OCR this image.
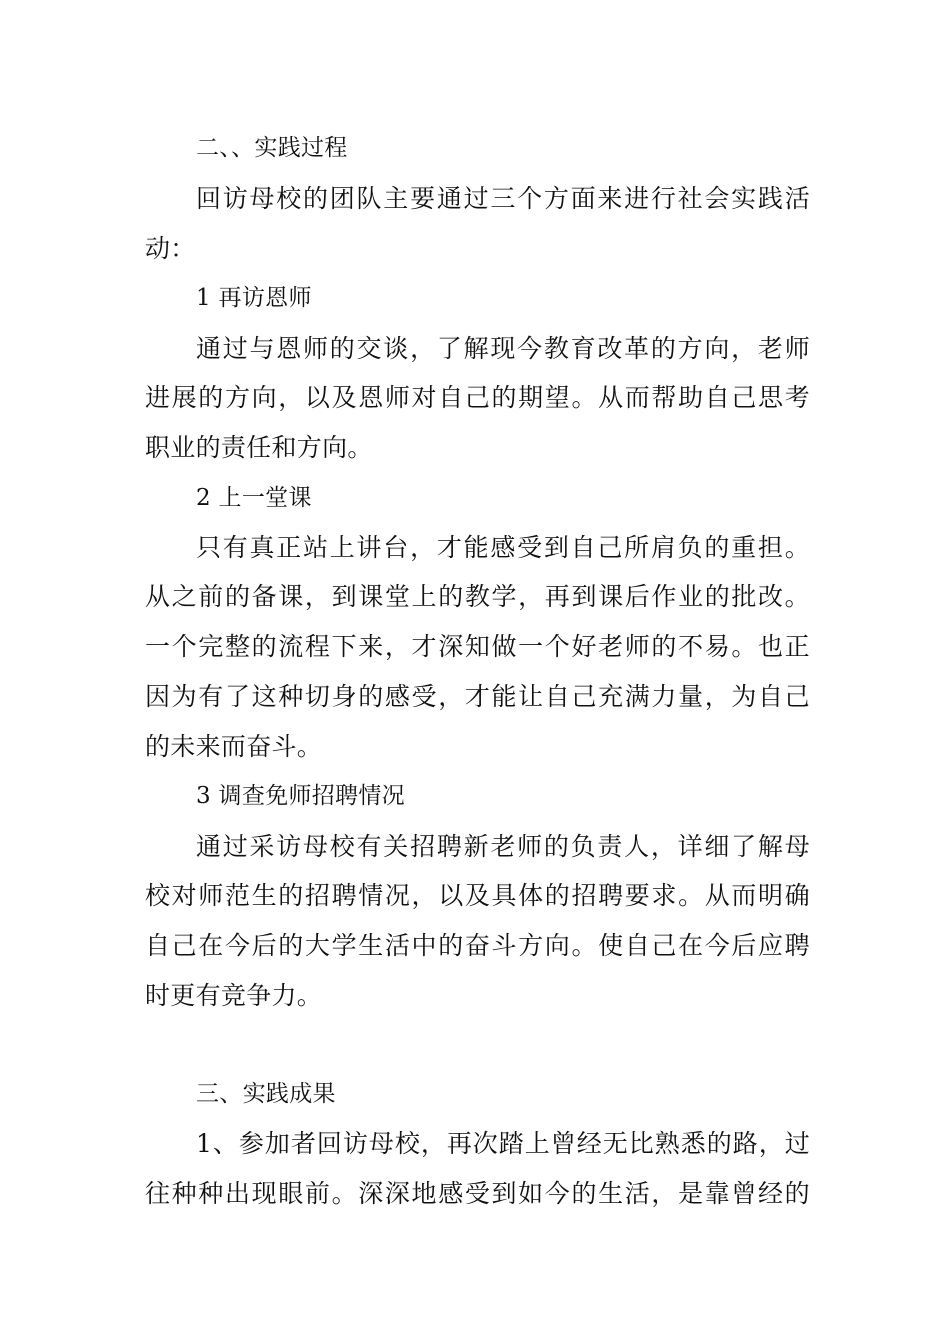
二、、实践过程
回访母校的团队主要通过三个方面来进行社会实践活
动：
1 再访恩师
通过与恩师的交谈，了解现今教育改革的方向，老师
进展的方向，以及恩师对自己的期望。从而帮助自己思考
职业的责任和方向。
2 上一堂课
只有真正站上讲台，才能感受到自己所肩负的重担。
从之前的备课，到课堂上的教学，再到课后作业的批改。
一个完整的流程下来，才深知做一个好老师的不易。也正
因为有了这种切身的感受，才能让自己充满力量，为自己
的未来而奋斗。
3 调查免师招聘情况
通过采访母校有关招聘新老师的负责人，详细了解母
校对师范生的招聘情况，以及具体的招聘要求。从而明确
自己在今后的大学生活中的奋斗方向。使自己在今后应聘
时更有竞争力。
三、实践成果
1、参加者回访母校，再次踏上曾经无比熟悉的路，过
往种种出现眼前。深深地感受到如今的生活，是靠曾经的
